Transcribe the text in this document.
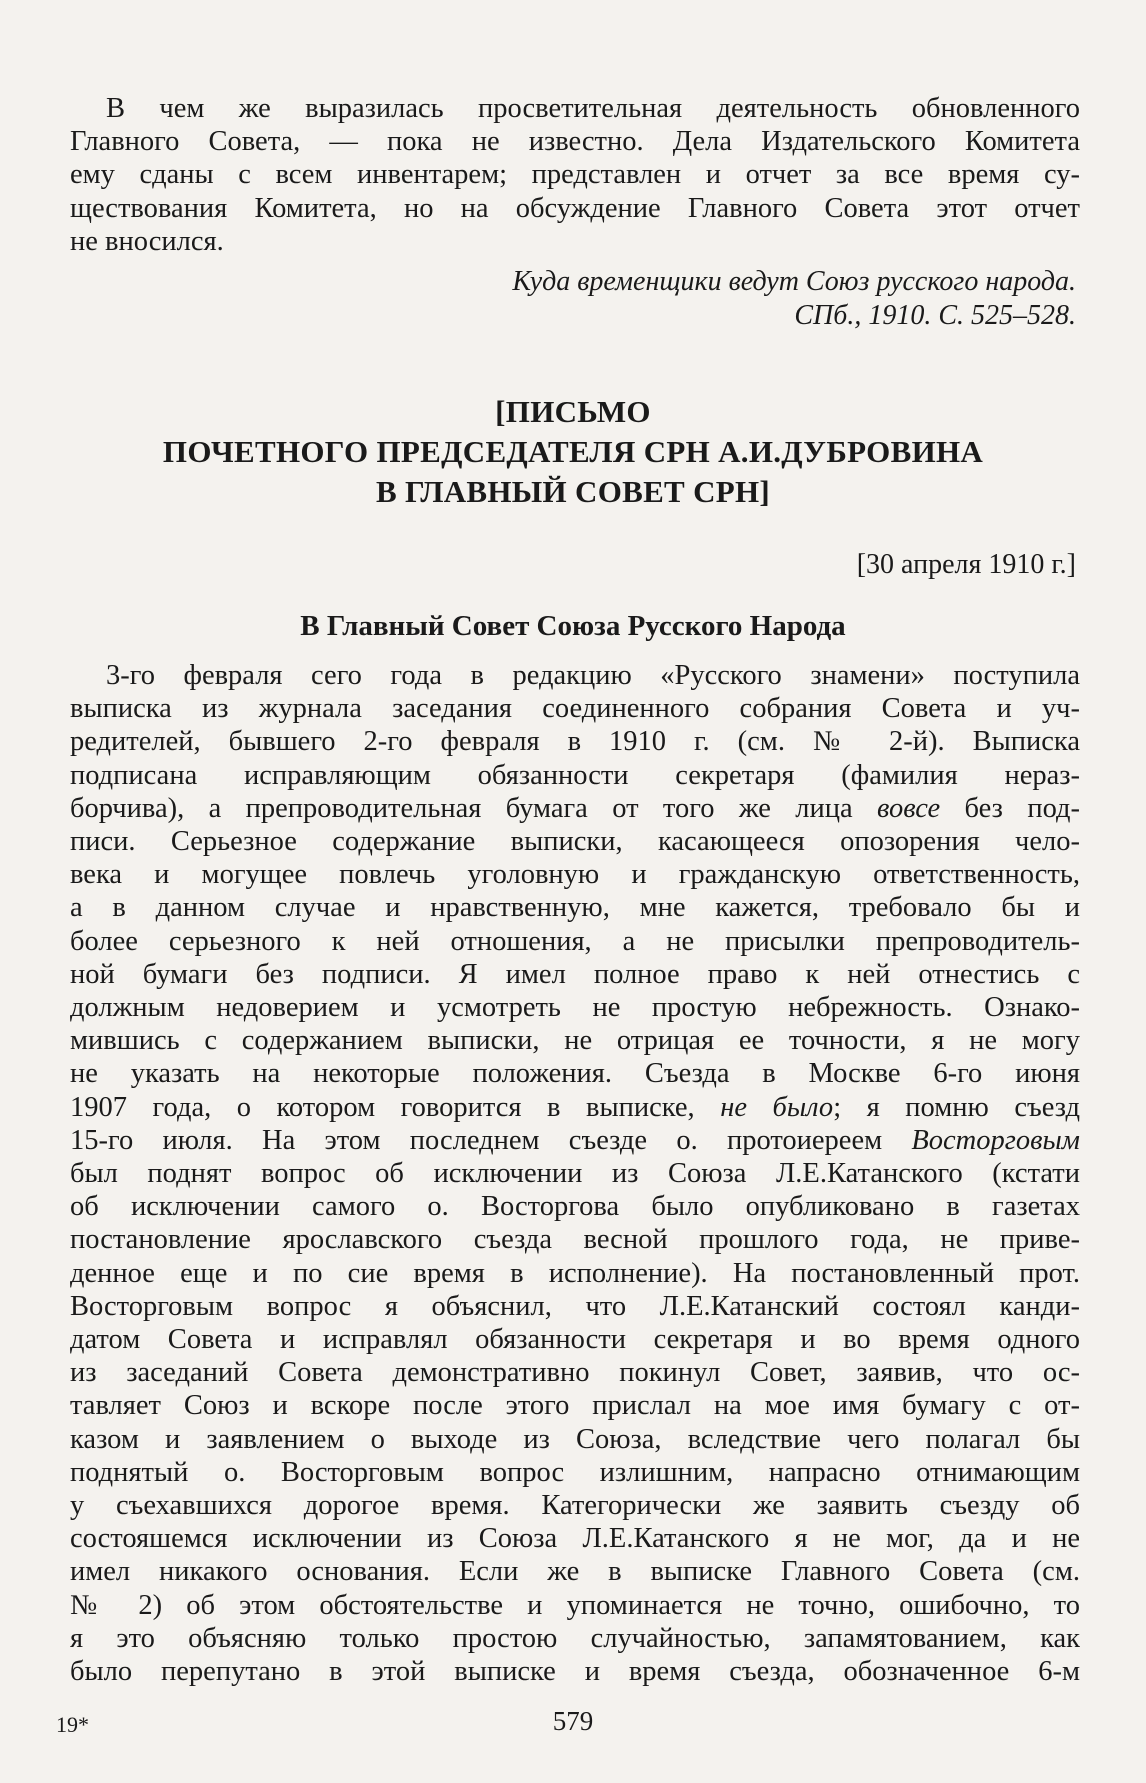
В чем же выразилась просветительная деятельность обновленного
Главного Совета, — пока не известно. Дела Издательского Комитета
ему сданы с всем инвентарем; представлен и отчет за все время су-
ществования Комитета, но на обсуждение Главного Совета этот отчет
не вносился.
Куда временщики ведут Союз русского народа.
СПб., 1910. С. 525–528.
[ПИСЬМО
ПОЧЕТНОГО ПРЕДСЕДАТЕЛЯ СРН А.И.ДУБРОВИНА
В ГЛАВНЫЙ СОВЕТ СРН]
[30 апреля 1910 г.]
В Главный Совет Союза Русского Народа
3-го февраля сего года в редакцию «Русского знамени» поступила
выписка из журнала заседания соединенного собрания Совета и уч-
редителей, бывшего 2-го февраля в 1910 г. (см. № 2-й). Выписка
подписана исправляющим обязанности секретаря (фамилия нераз-
борчива), а препроводительная бумага от того же лица вовсе без под-
писи. Серьезное содержание выписки, касающееся опозорения чело-
века и могущее повлечь уголовную и гражданскую ответственность,
а в данном случае и нравственную, мне кажется, требовало бы и
более серьезного к ней отношения, а не присылки препроводитель-
ной бумаги без подписи. Я имел полное право к ней отнестись с
должным недоверием и усмотреть не простую небрежность. Ознако-
мившись с содержанием выписки, не отрицая ее точности, я не могу
не указать на некоторые положения. Съезда в Москве 6-го июня
1907 года, о котором говорится в выписке, не было; я помню съезд
15-го июля. На этом последнем съезде о. протоиереем Восторговым
был поднят вопрос об исключении из Союза Л.Е.Катанского (кстати
об исключении самого о. Восторгова было опубликовано в газетах
постановление ярославского съезда весной прошлого года, не приве-
денное еще и по сие время в исполнение). На постановленный прот.
Восторговым вопрос я объяснил, что Л.Е.Катанский состоял канди-
датом Совета и исправлял обязанности секретаря и во время одного
из заседаний Совета демонстративно покинул Совет, заявив, что ос-
тавляет Союз и вскоре после этого прислал на мое имя бумагу с от-
казом и заявлением о выходе из Союза, вследствие чего полагал бы
поднятый о. Восторговым вопрос излишним, напрасно отнимающим
у съехавшихся дорогое время. Категорически же заявить съезду об
состояшемся исключении из Союза Л.Е.Катанского я не мог, да и не
имел никакого основания. Если же в выписке Главного Совета (см.
№ 2) об этом обстоятельстве и упоминается не точно, ошибочно, то
я это объясняю только простою случайностью, запамятованием, как
было перепутано в этой выписке и время съезда, обозначенное 6-м
19*	579
